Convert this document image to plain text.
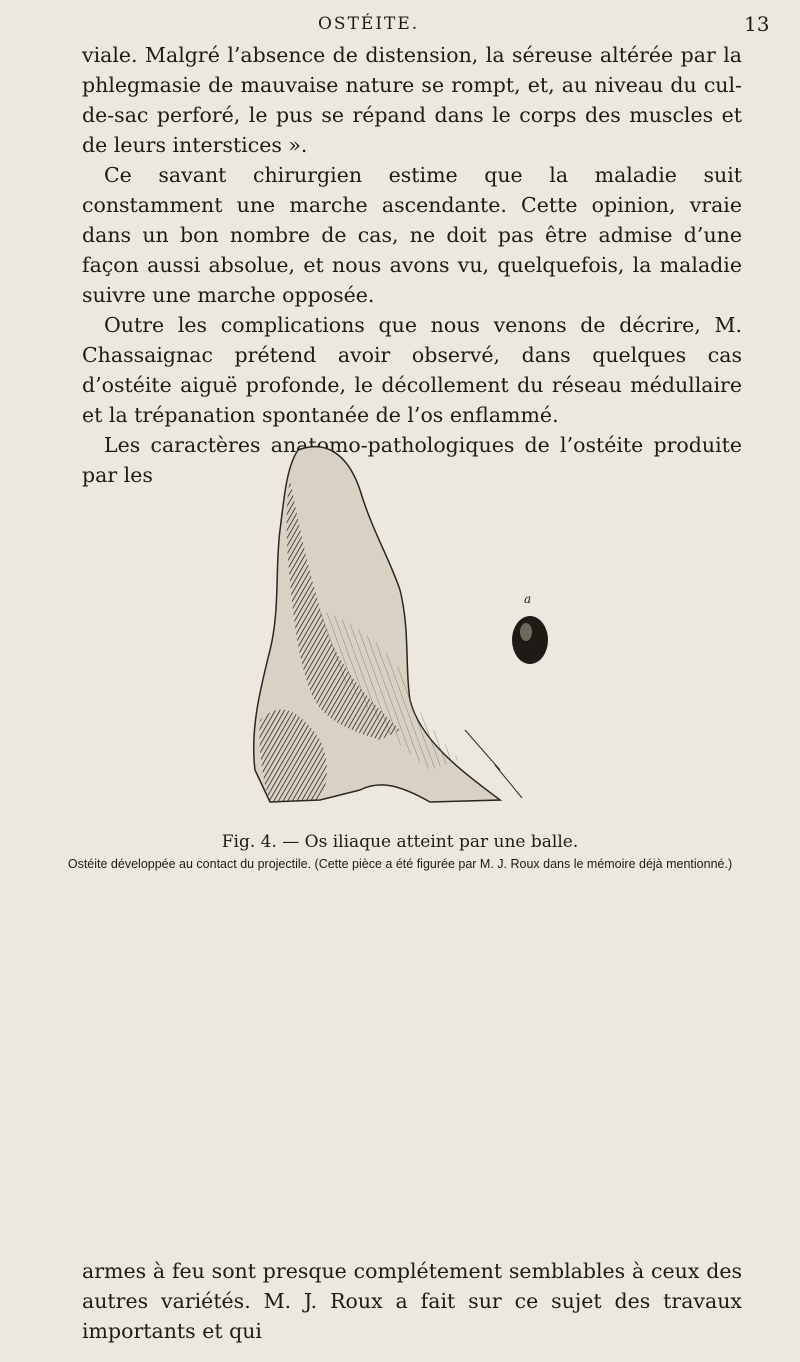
OSTÉITE.	13

viale. Malgré l’absence de distension, la séreuse altérée par la phlegmasie de mauvaise nature se rompt, et, au niveau du cul-de-sac perforé, le pus se répand dans le corps des muscles et de leurs interstices ».

Ce savant chirurgien estime que la maladie suit constamment une marche ascendante. Cette opinion, vraie dans un bon nombre de cas, ne doit pas être admise d’une façon aussi absolue, et nous avons vu, quelquefois, la maladie suivre une marche opposée.

Outre les complications que nous venons de décrire, M. Chassaignac prétend avoir observé, dans quelques cas d’ostéite aiguë profonde, le décollement du réseau médullaire et la trépanation spontanée de l’os enflammé.

Les caractères anatomo-pathologiques de l’ostéite produite par les

a

Fig. 4. — Os iliaque atteint par une balle.

Ostéite développée au contact du projectile. (Cette pièce a été figurée par M. J. Roux dans le mémoire déjà mentionné.)

armes à feu sont presque complétement semblables à ceux des autres variétés. M. J. Roux a fait sur ce sujet des travaux importants et qui
